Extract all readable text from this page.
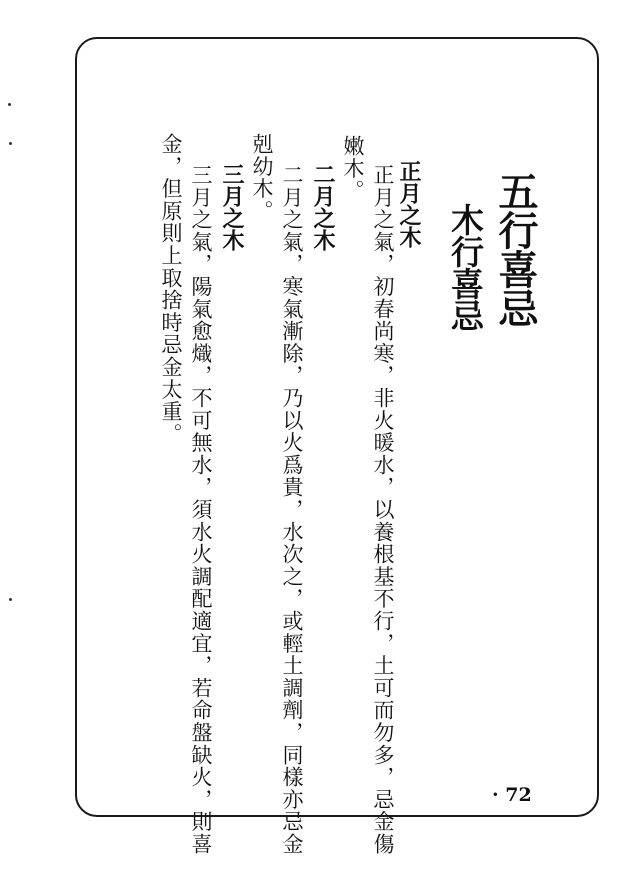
五行喜忌
木行喜忌
正月之木
正月之氣，初春尚寒，非火暖水，以養根基不行，土可而勿多，忌金傷
嫩木。
二月之木
二月之氣，寒氣漸除，乃以火爲貴，水次之，或輕土調劑，同樣亦忌金
剋幼木。
三月之木
三月之氣，陽氣愈熾，不可無水，須水火調配適宜，若命盤缺火，則喜
金，但原則上取捨時忌金太重。
· 72
